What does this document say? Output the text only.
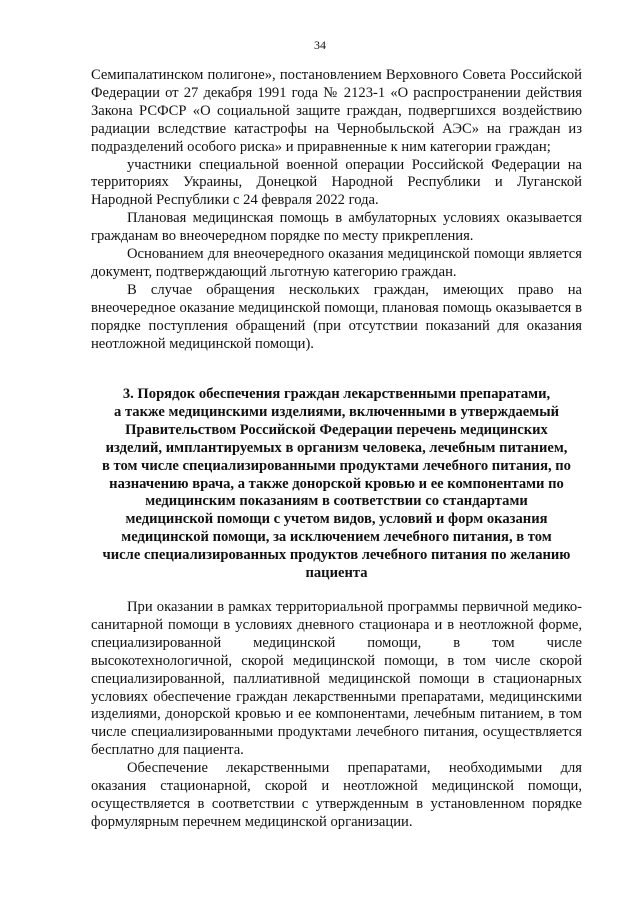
34

Семипалатинском полигоне», постановлением Верховного Совета Российской Федерации от 27 декабря 1991 года № 2123-1 «О распространении действия Закона РСФСР «О социальной защите граждан, подвергшихся воздействию радиации вследствие катастрофы на Чернобыльской АЭС» на граждан из подразделений особого риска» и приравненные к ним категории граждан;

участники специальной военной операции Российской Федерации на территориях Украины, Донецкой Народной Республики и Луганской Народной Республики с 24 февраля 2022 года.

Плановая медицинская помощь в амбулаторных условиях оказывается гражданам во внеочередном порядке по месту прикрепления.

Основанием для внеочередного оказания медицинской помощи является документ, подтверждающий льготную категорию граждан.

В случае обращения нескольких граждан, имеющих право на внеочередное оказание медицинской помощи, плановая помощь оказывается в порядке поступления обращений (при отсутствии показаний для оказания неотложной медицинской помощи).

3. Порядок обеспечения граждан лекарственными препаратами,
а также медицинскими изделиями, включенными в утверждаемый
Правительством Российской Федерации перечень медицинских
изделий, имплантируемых в организм человека, лечебным питанием,
в том числе специализированными продуктами лечебного питания, по
назначению врача, а также донорской кровью и ее компонентами по
медицинским показаниям в соответствии со стандартами
медицинской помощи с учетом видов, условий и форм оказания
медицинской помощи, за исключением лечебного питания, в том
числе специализированных продуктов лечебного питания по желанию
пациента

При оказании в рамках территориальной программы первичной медико-санитарной помощи в условиях дневного стационара и в неотложной форме, специализированной медицинской помощи, в том числе высокотехнологичной, скорой медицинской помощи, в том числе скорой специализированной, паллиативной медицинской помощи в стационарных условиях обеспечение граждан лекарственными препаратами, медицинскими изделиями, донорской кровью и ее компонентами, лечебным питанием, в том числе специализированными продуктами лечебного питания, осуществляется бесплатно для пациента.

Обеспечение лекарственными препаратами, необходимыми для оказания стационарной, скорой и неотложной медицинской помощи, осуществляется в соответствии с утвержденным в установленном порядке формулярным перечнем медицинской организации.
